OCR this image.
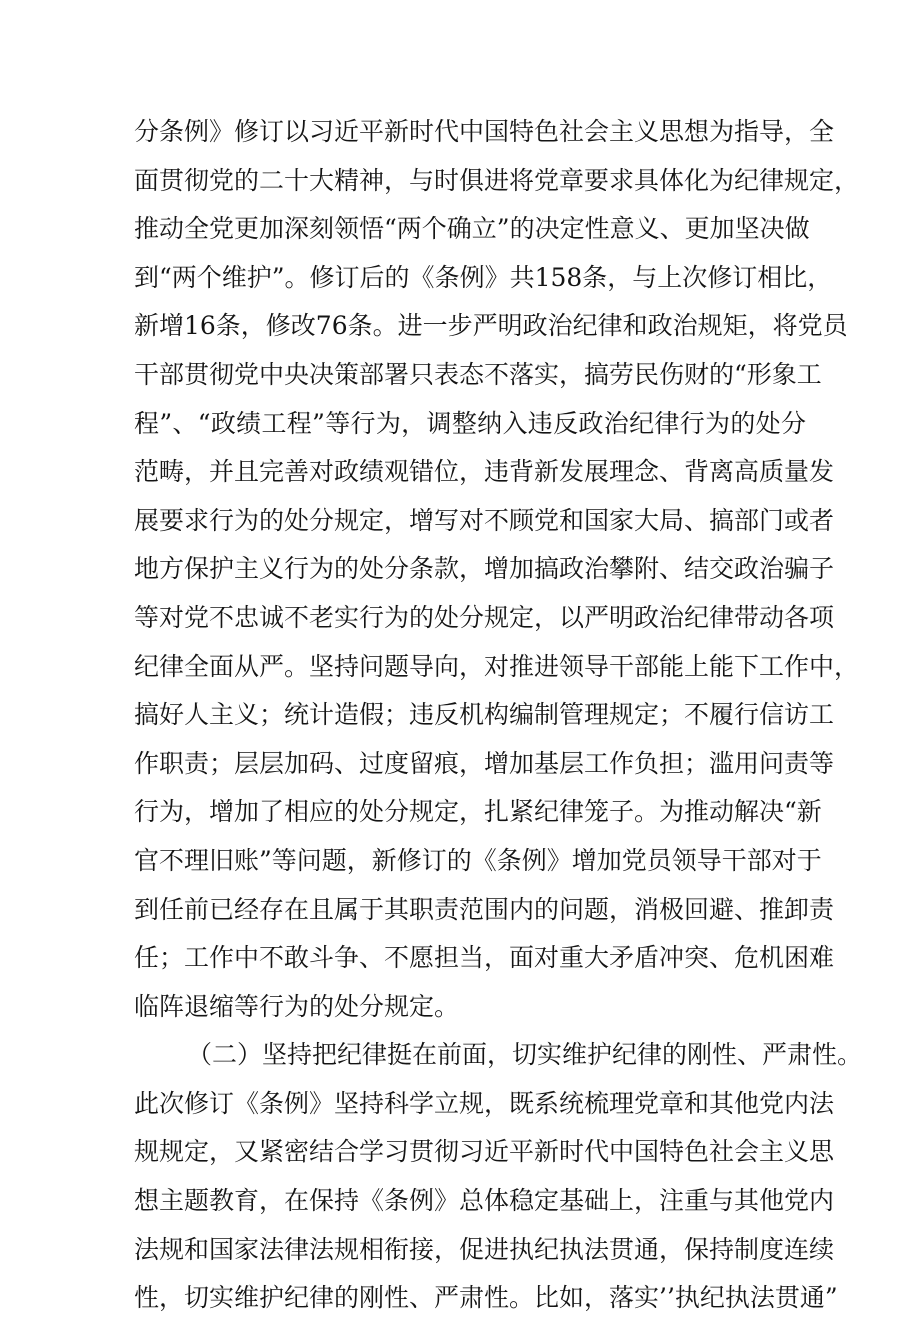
分条例》修订以习近平新时代中国特色社会主义思想为指导，全
面贯彻党的二十大精神，与时俱进将党章要求具体化为纪律规定，
推动全党更加深刻领悟“两个确立”的决定性意义、更加坚决做
到“两个维护”。修订后的《条例》共158条，与上次修订相比，
新增16条，修改76条。进一步严明政治纪律和政治规矩，将党员
干部贯彻党中央决策部署只表态不落实，搞劳民伤财的“形象工
程”、“政绩工程”等行为，调整纳入违反政治纪律行为的处分
范畴，并且完善对政绩观错位，违背新发展理念、背离高质量发
展要求行为的处分规定，增写对不顾党和国家大局、搞部门或者
地方保护主义行为的处分条款，增加搞政治攀附、结交政治骗子
等对党不忠诚不老实行为的处分规定，以严明政治纪律带动各项
纪律全面从严。坚持问题导向，对推进领导干部能上能下工作中，
搞好人主义；统计造假；违反机构编制管理规定；不履行信访工
作职责；层层加码、过度留痕，增加基层工作负担；滥用问责等
行为，增加了相应的处分规定，扎紧纪律笼子。为推动解决“新
官不理旧账”等问题，新修订的《条例》增加党员领导干部对于
到任前已经存在且属于其职责范围内的问题，消极回避、推卸责
任；工作中不敢斗争、不愿担当，面对重大矛盾冲突、危机困难
临阵退缩等行为的处分规定。
（二）坚持把纪律挺在前面，切实维护纪律的刚性、严肃性。
此次修订《条例》坚持科学立规，既系统梳理党章和其他党内法
规规定，又紧密结合学习贯彻习近平新时代中国特色社会主义思
想主题教育，在保持《条例》总体稳定基础上，注重与其他党内
法规和国家法律法规相衔接，促进执纪执法贯通，保持制度连续
性，切实维护纪律的刚性、严肃性。比如，落实’’执纪执法贯通”
